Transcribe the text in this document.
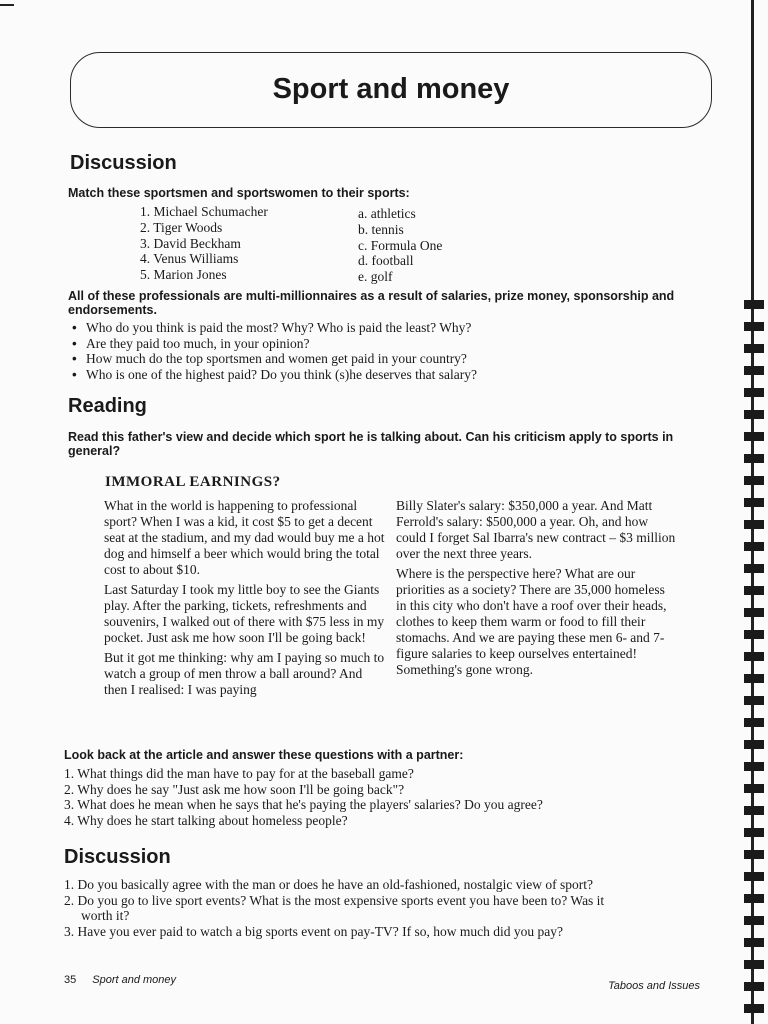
Sport and money
Discussion
Match these sportsmen and sportswomen to their sports:
1. Michael Schumacher
2. Tiger Woods
3. David Beckham
4. Venus Williams
5. Marion Jones
a. athletics
b. tennis
c. Formula One
d. football
e. golf
All of these professionals are multi-millionnaires as a result of salaries, prize money, sponsorship and endorsements.
• Who do you think is paid the most? Why? Who is paid the least? Why?
• Are they paid too much, in your opinion?
• How much do the top sportsmen and women get paid in your country?
• Who is one of the highest paid? Do you think (s)he deserves that salary?
Reading
Read this father's view and decide which sport he is talking about. Can his criticism apply to sports in general?
IMMORAL EARNINGS?

What in the world is happening to professional sport? When I was a kid, it cost $5 to get a decent seat at the stadium, and my dad would buy me a hot dog and himself a beer which would bring the total cost to about $10.

Last Saturday I took my little boy to see the Giants play. After the parking, tickets, refreshments and souvenirs, I walked out of there with $75 less in my pocket. Just ask me how soon I'll be going back!

But it got me thinking: why am I paying so much to watch a group of men throw a ball around? And then I realised: I was paying

Billy Slater's salary: $350,000 a year. And Matt Ferrold's salary: $500,000 a year. Oh, and how could I forget Sal Ibarra's new contract – $3 million over the next three years.

Where is the perspective here? What are our priorities as a society? There are 35,000 homeless in this city who don't have a roof over their heads, clothes to keep them warm or food to fill their stomachs. And we are paying these men 6- and 7-figure salaries to keep ourselves entertained! Something's gone wrong.

Look back at the article and answer these questions with a partner:
1. What things did the man have to pay for at the baseball game?
2. Why does he say "Just ask me how soon I'll be going back"?
3. What does he mean when he says that he's paying the players' salaries? Do you agree?
4. Why does he start talking about homeless people?
Discussion
1. Do you basically agree with the man or does he have an old-fashioned, nostalgic view of sport?
2. Do you go to live sport events? What is the most expensive sports event you have been to? Was it
worth it?
3. Have you ever paid to watch a big sports event on pay-TV? If so, how much did you pay?
35 Sport and money	Taboos and Issues
